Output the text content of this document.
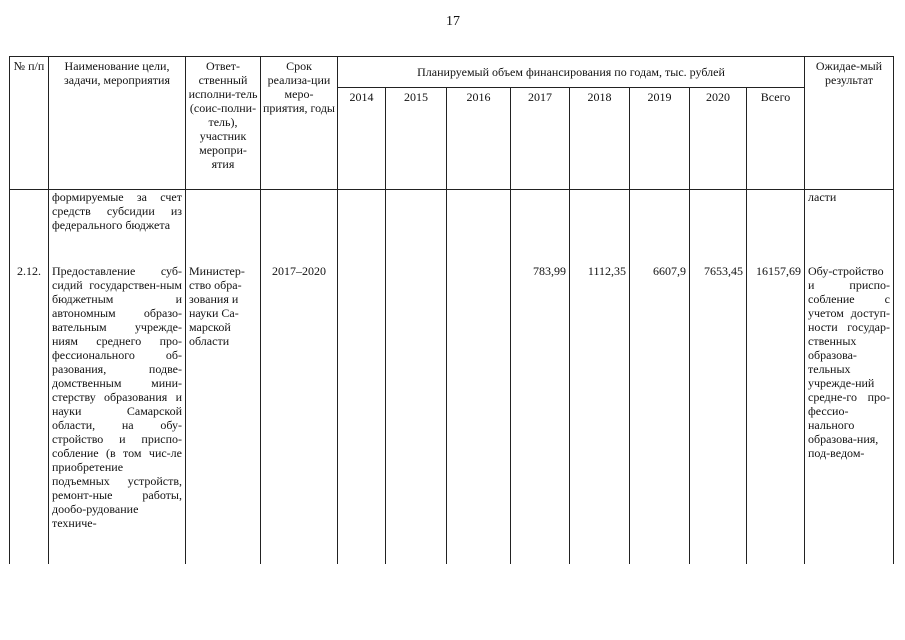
17
№ п/п	Наименование цели, задачи, мероприятия	Ответ-ственный исполни-тель (соис-полни-тель), участник меропри-ятия	Срок реализа-ции меро-приятия, годы	Планируемый объем финансирования по годам, тыс. рублей								Ожидае-мый результат
				2014	2015	2016	2017	2018	2019	2020	Всего	
	формируемые за счет средств субсидии из федерального бюджета											ласти
2.12.	Предоставление суб-сидий государствен-ным бюджетным и автономным образо-вательным учрежде-ниям среднего про-фессионального об-разования, подве-домственным мини-стерству образования и науки Самарской области, на обу-стройство и приспо-собление (в том чис-ле приобретение подъемных устройств, ремонт-ные работы, дообо-рудование техниче-	Министер-ство обра-зования и науки Са-марской области	2017–2020				783,99	1112,35	6607,9	7653,45	16157,69	Обу-стройство и приспо-собление с учетом доступ-ности государ-ственных образова-тельных учрежде-ний средне-го про-фессио-нального образова-ния, под-ведом-
